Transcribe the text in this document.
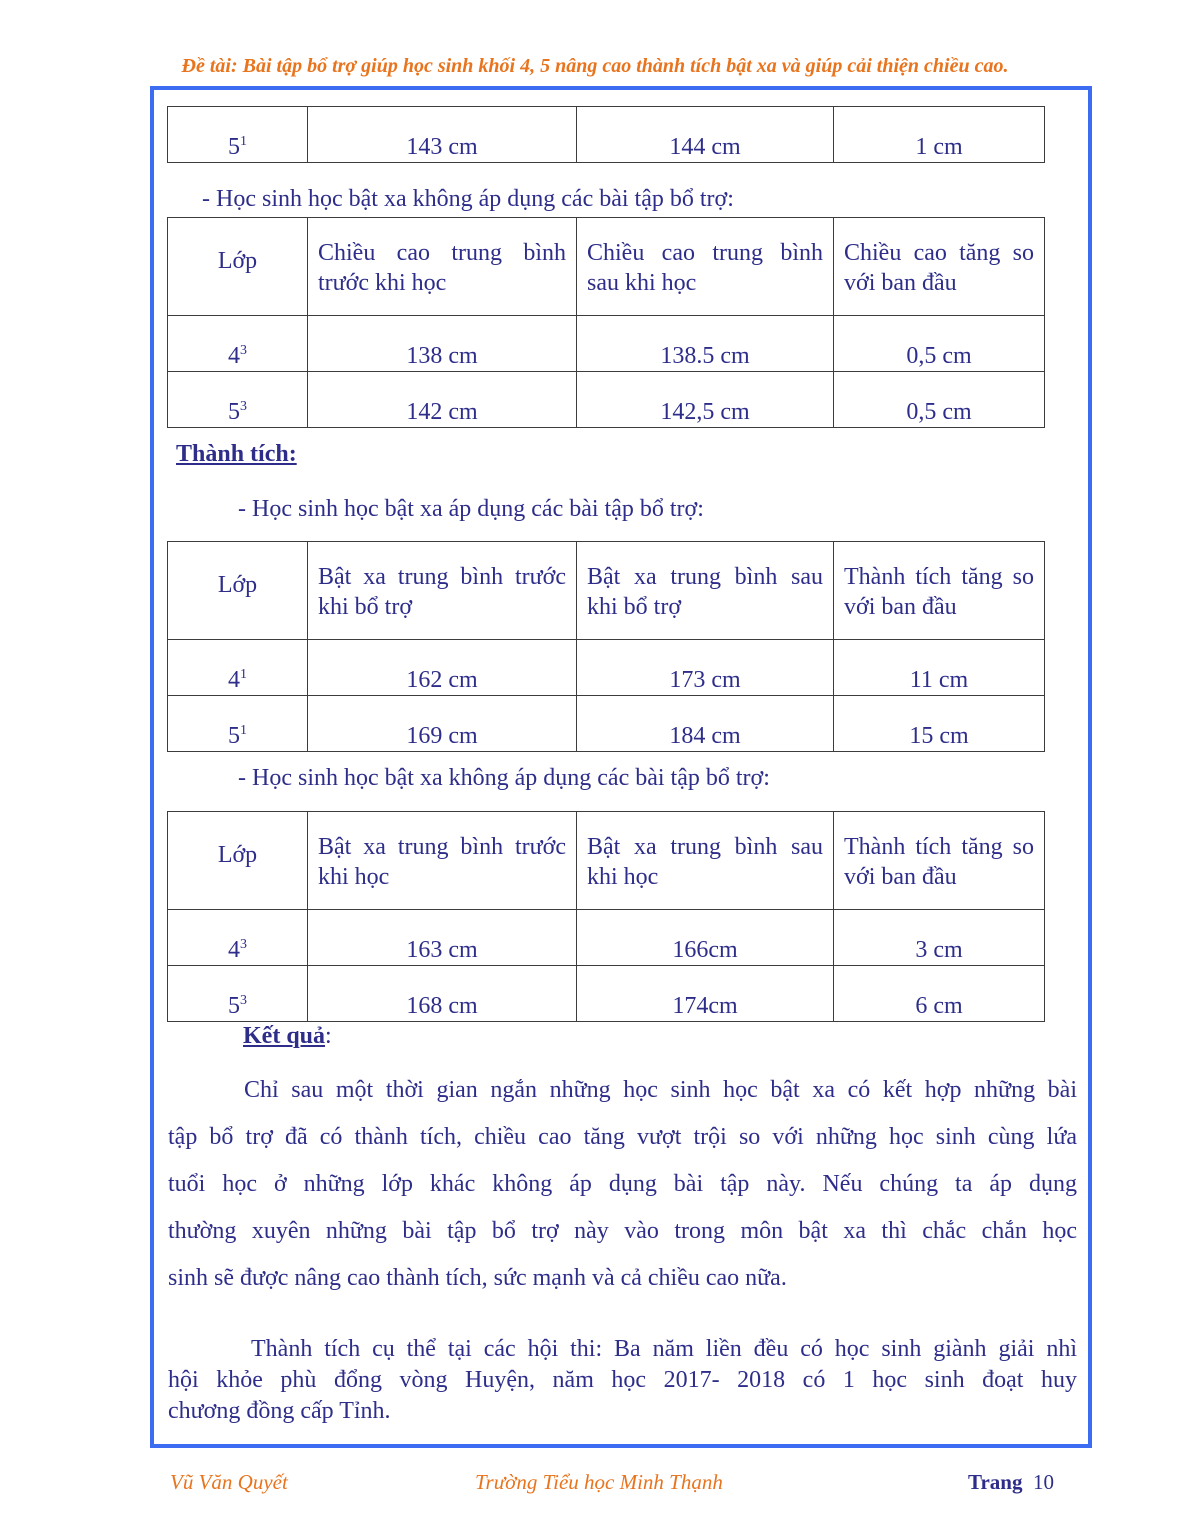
Đề tài: Bài tập bổ trợ giúp học sinh khối 4, 5 nâng cao thành tích bật xa và giúp cải thiện chiều cao.
$5^1$	143 cm	144 cm	1 cm
- Học sinh học bật xa không áp dụng các bài tập bổ trợ:
Lớp	Chiều cao trung bình trước khi học	Chiều cao trung bình sau khi học	Chiều cao tăng so với ban đầu
$4^3$	138 cm	138.5 cm	0,5 cm
$5^3$	142 cm	142,5 cm	0,5 cm
Thành tích:
- Học sinh học bật xa áp dụng các bài tập bổ trợ:
Lớp	Bật xa trung bình trước khi bổ trợ	Bật xa trung bình sau khi bổ trợ	Thành tích tăng so với ban đầu
$4^1$	162 cm	173 cm	11 cm
$5^1$	169 cm	184 cm	15 cm
- Học sinh học bật xa không áp dụng các bài tập bổ trợ:
Lớp	Bật xa trung bình trước khi học	Bật xa trung bình sau khi học	Thành tích tăng so với ban đầu
$4^3$	163 cm	166cm	3 cm
$5^3$	168 cm	174cm	6 cm
Kết quả:
Chỉ sau một thời gian ngắn những học sinh học bật xa có kết hợp những bài
tập bổ trợ đã có thành tích, chiều cao tăng vượt trội so với những học sinh cùng lứa
tuổi học ở những lớp khác không áp dụng bài tập này. Nếu chúng ta áp dụng
thường xuyên những bài tập bổ trợ này vào trong môn bật xa thì chắc chắn học
sinh sẽ được nâng cao thành tích, sức mạnh và cả chiều cao nữa.
Thành tích cụ thể tại các hội thi: Ba năm liền đều có học sinh giành giải nhì
hội khỏe phù đổng vòng Huyện, năm học 2017- 2018 có 1 học sinh đoạt huy
chương đồng cấp Tỉnh.
Vũ Văn Quyết	Trường Tiểu học Minh Thạnh	Trang 10
